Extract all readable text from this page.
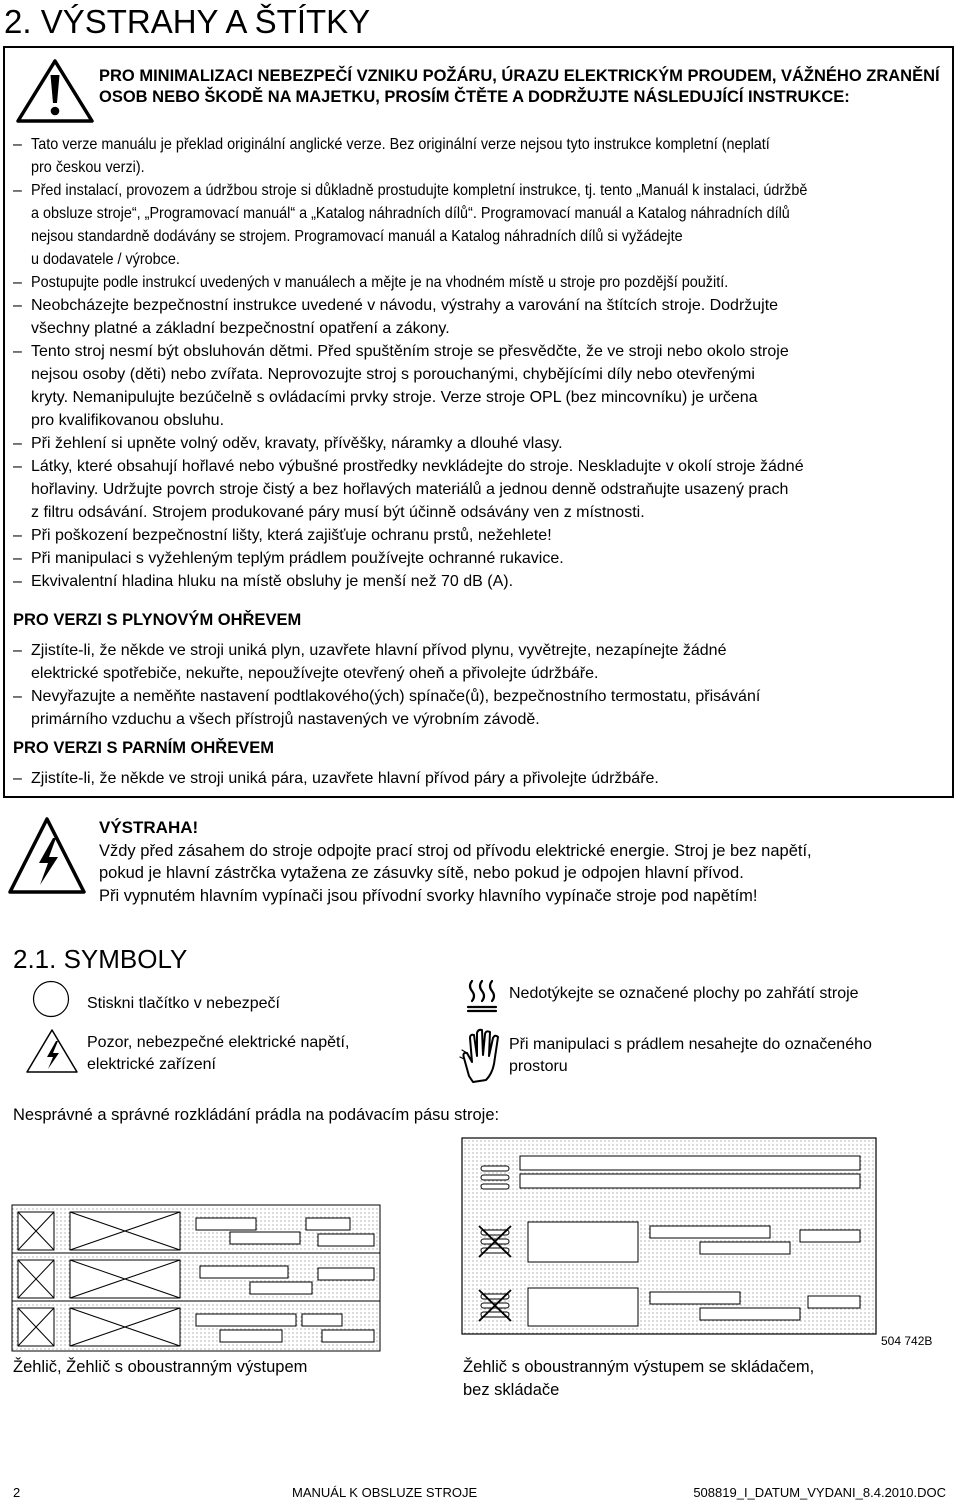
2. VÝSTRAHY A ŠTÍTKY
PRO MINIMALIZACI NEBEZPEČÍ VZNIKU POŽÁRU, ÚRAZU ELEKTRICKÝM PROUDEM, VÁŽNÉHO ZRANĚNÍ OSOB NEBO ŠKODĚ NA MAJETKU, PROSÍM ČTĚTE A DODRŽUJTE NÁSLEDUJÍCÍ INSTRUKCE:
– Tato verze manuálu je překlad originální anglické verze. Bez originální verze nejsou tyto instrukce kompletní (neplatí
pro českou verzi).
– Před instalací, provozem a údržbou stroje si důkladně prostudujte kompletní instrukce, tj. tento „Manuál k instalaci, údržbě
a obsluze stroje“, „Programovací manuál“ a „Katalog náhradních dílů“. Programovací manuál a Katalog náhradních dílů
nejsou standardně dodávány se strojem. Programovací manuál a Katalog náhradních dílů si vyžádejte
u dodavatele / výrobce.
– Postupujte podle instrukcí uvedených v manuálech a mějte je na vhodném místě u stroje pro pozdější použití.
– Neobcházejte bezpečnostní instrukce uvedené v návodu, výstrahy a varování na štítcích stroje. Dodržujte
všechny platné a základní bezpečnostní opatření a zákony.
– Tento stroj nesmí být obsluhován dětmi. Před spuštěním stroje se přesvědčte, že ve stroji nebo okolo stroje
nejsou osoby (děti) nebo zvířata. Neprovozujte stroj s porouchanými, chybějícími díly nebo otevřenými
kryty. Nemanipulujte bezúčelně s ovládacími prvky stroje. Verze stroje OPL (bez mincovníku) je určena
pro kvalifikovanou obsluhu.
– Při žehlení si upněte volný oděv, kravaty, přívěšky, náramky a dlouhé vlasy.
– Látky, které obsahují hořlavé nebo výbušné prostředky nevkládejte do stroje. Neskladujte v okolí stroje žádné
hořlaviny. Udržujte povrch stroje čistý a bez hořlavých materiálů a jednou denně odstraňujte usazený prach
z filtru odsávání. Strojem produkované páry musí být účinně odsávány ven z místnosti.
– Při poškození bezpečnostní lišty, která zajišťuje ochranu prstů, nežehlete!
– Při manipulaci s vyžehleným teplým prádlem používejte ochranné rukavice.
– Ekvivalentní hladina hluku na místě obsluhy je menší než 70 dB (A).
PRO VERZI S PLYNOVÝM OHŘEVEM
– Zjistíte-li, že někde ve stroji uniká plyn, uzavřete hlavní přívod plynu, vyvětrejte, nezapínejte žádné
elektrické spotřebiče, nekuřte, nepoužívejte otevřený oheň a přivolejte údržbáře.
– Nevyřazujte a neměňte nastavení podtlakového(ých) spínače(ů), bezpečnostního termostatu, přisávání
primárního vzduchu a všech přístrojů nastavených ve výrobním závodě.
PRO VERZI S PARNÍM OHŘEVEM
– Zjistíte-li, že někde ve stroji uniká pára, uzavřete hlavní přívod páry a přivolejte údržbáře.
VÝSTRAHA!
Vždy před zásahem do stroje odpojte prací stroj od přívodu elektrické energie. Stroj je bez napětí,
pokud je hlavní zástrčka vytažena ze zásuvky sítě, nebo pokud je odpojen hlavní přívod.
Při vypnutém hlavním vypínači jsou přívodní svorky hlavního vypínače stroje pod napětím!
2.1. SYMBOLY
Stiskni tlačítko v nebezpečí
Pozor, nebezpečné elektrické napětí,
elektrické zařízení
Nedotýkejte se označené plochy po zahřátí stroje
Při manipulaci s prádlem nesahejte do označeného
prostoru
Nesprávné a správné rozkládání prádla na podávacím pásu stroje:
504 742B
Žehlič, Žehlič s oboustranným výstupem	Žehlič s oboustranným výstupem se skládačem,
bez skládače
2	MANUÁL K OBSLUZE STROJE	508819_I_DATUM_VYDANI_8.4.2010.DOC
